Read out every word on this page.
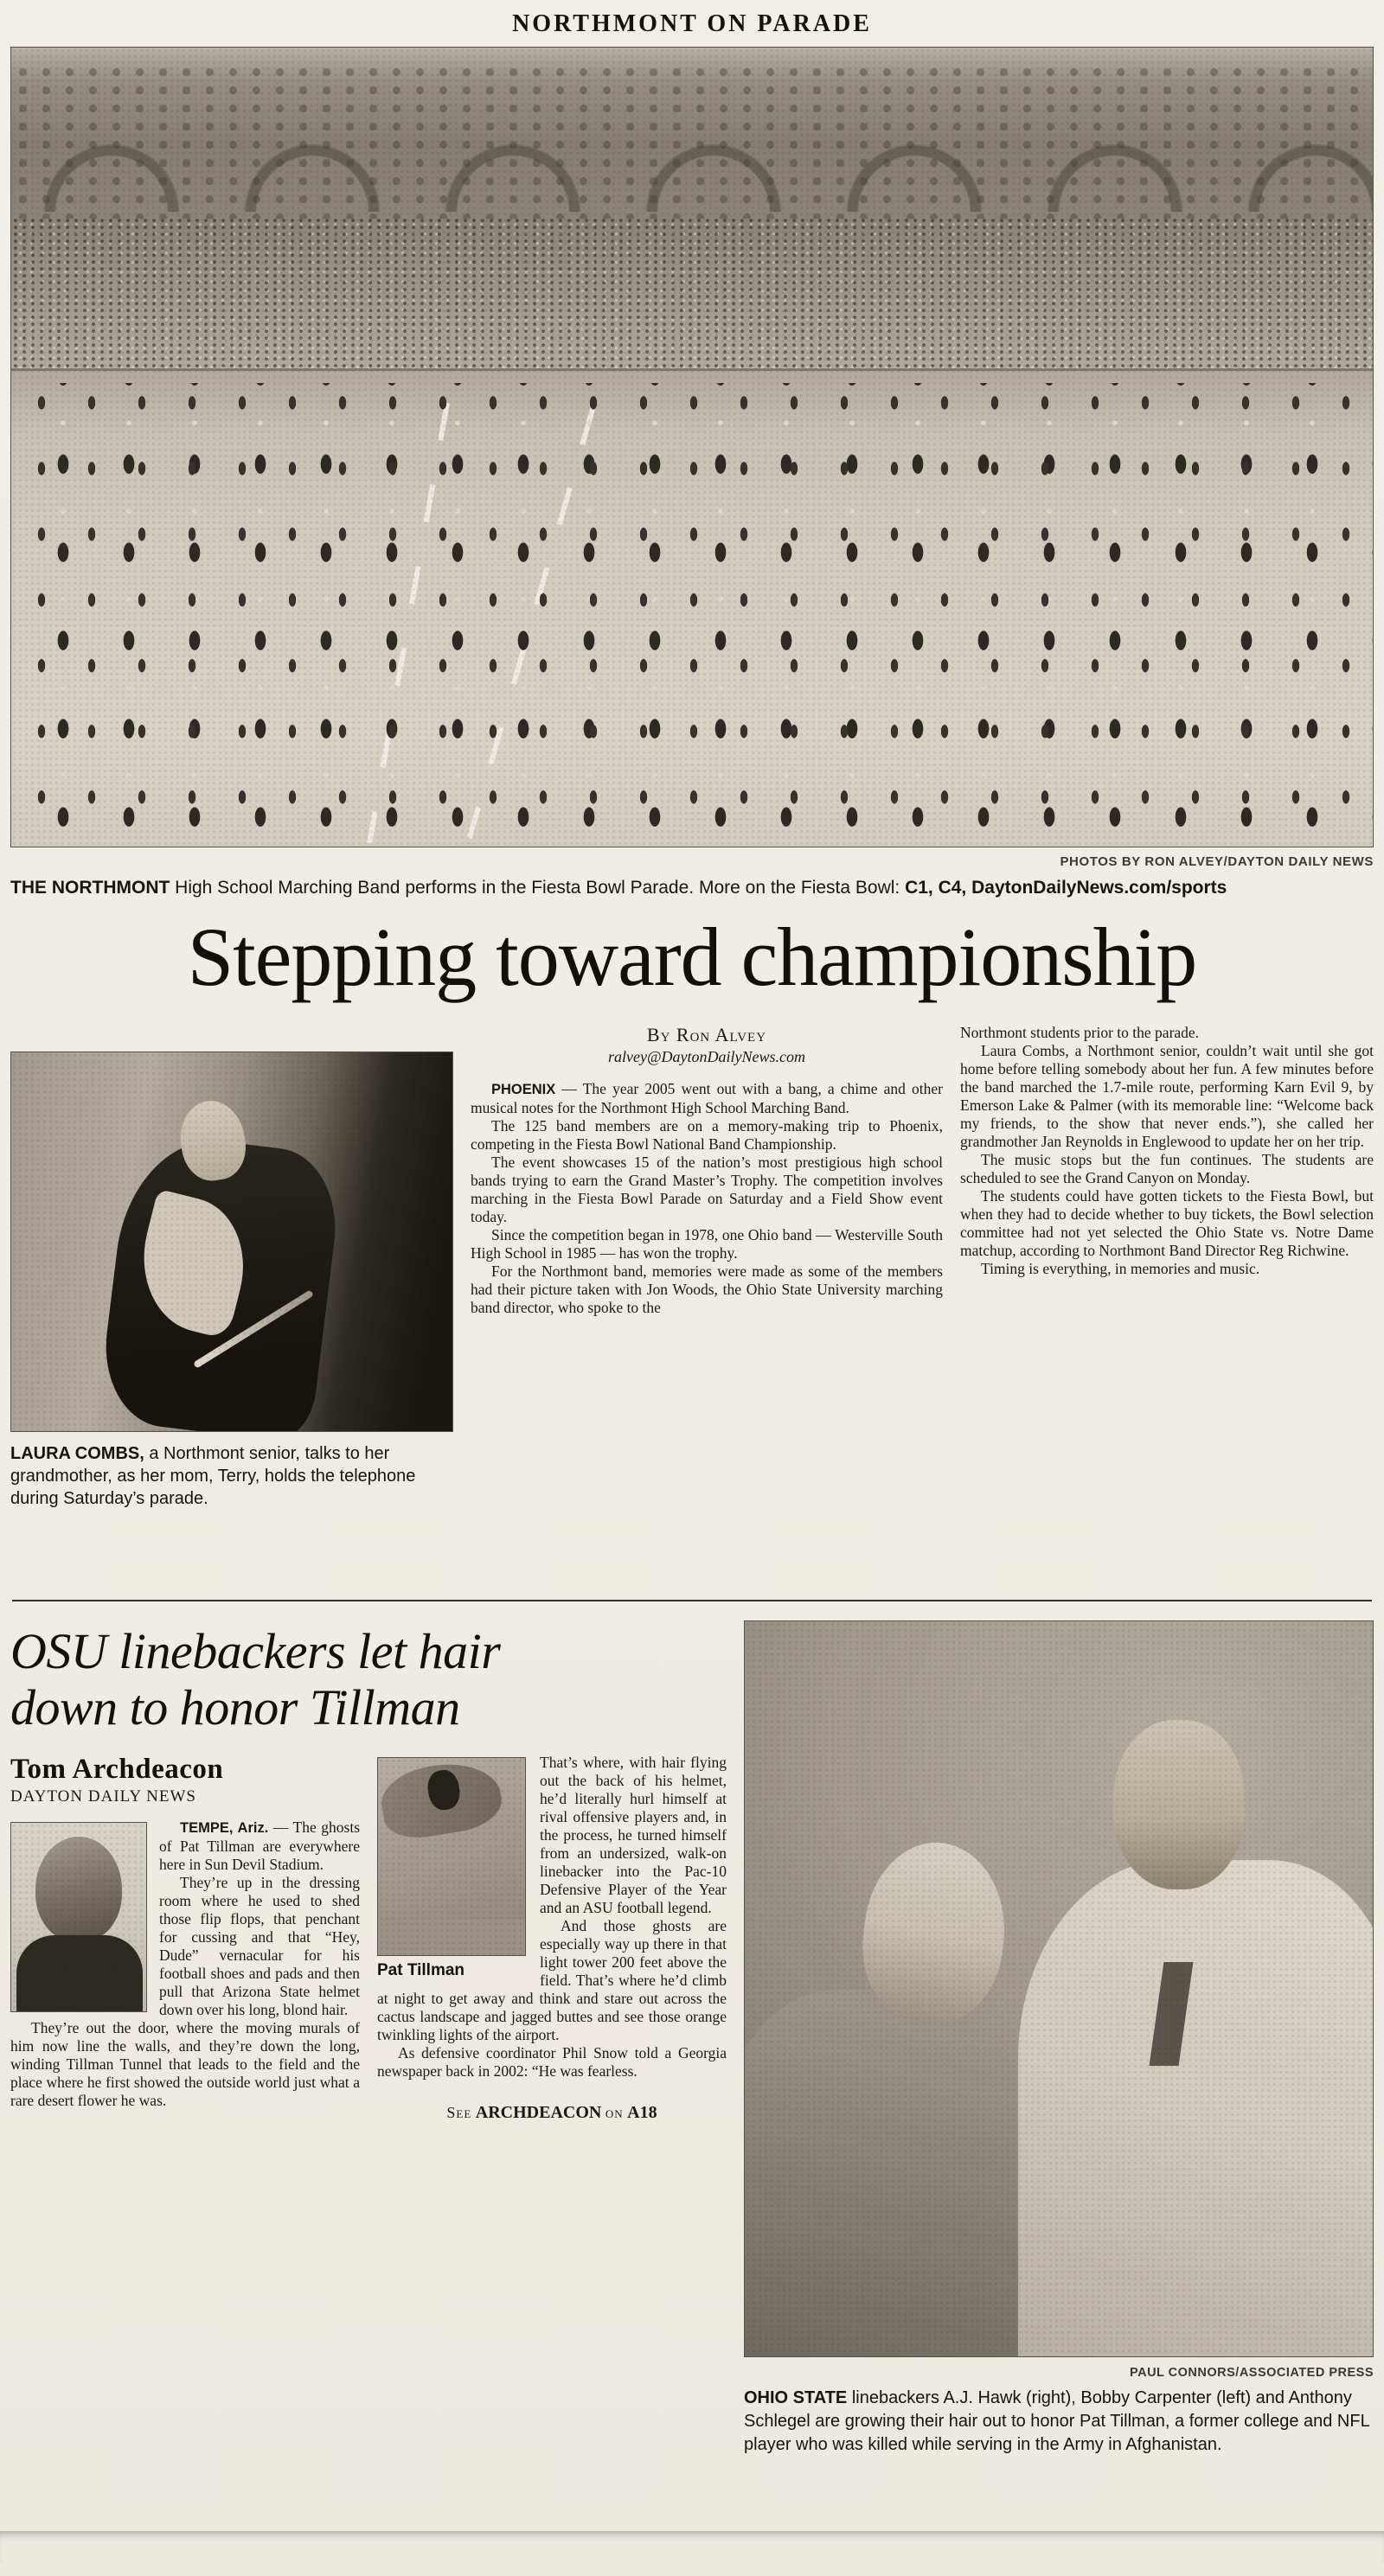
NORTHMONT ON PARADE
PHOTOS BY RON ALVEY/DAYTON DAILY NEWS
THE NORTHMONT High School Marching Band performs in the Fiesta Bowl Parade. More on the Fiesta Bowl: C1, C4, DaytonDailyNews.com/sports
Stepping toward championship
LAURA COMBS, a Northmont senior, talks to her grandmother, as her mom, Terry, holds the telephone during Saturday’s parade.
By Ron Alvey
ralvey@DaytonDailyNews.com

PHOENIX — The year 2005 went out with a bang, a chime and other musical notes for the Northmont High School Marching Band.

The 125 band members are on a memory-making trip to Phoenix, competing in the Fiesta Bowl National Band Championship.

The event showcases 15 of the nation’s most prestigious high school bands trying to earn the Grand Master’s Trophy. The competition involves marching in the Fiesta Bowl Parade on Saturday and a Field Show event today.

Since the competition began in 1978, one Ohio band — Westerville South High School in 1985 — has won the trophy.

For the Northmont band, memories were made as some of the members had their picture taken with Jon Woods, the Ohio State University marching band director, who spoke to the

Northmont students prior to the parade.

Laura Combs, a Northmont senior, couldn’t wait until she got home before telling somebody about her fun. A few minutes before the band marched the 1.7-mile route, performing Karn Evil 9, by Emerson Lake & Palmer (with its memorable line: “Welcome back my friends, to the show that never ends.”), she called her grandmother Jan Reynolds in Englewood to update her on her trip.

The music stops but the fun continues. The students are scheduled to see the Grand Canyon on Monday.

The students could have gotten tickets to the Fiesta Bowl, but when they had to decide whether to buy tickets, the Bowl selection committee had not yet selected the Ohio State vs. Notre Dame matchup, according to Northmont Band Director Reg Richwine.

Timing is everything, in memories and music.

OSU linebackers let hair
down to honor Tillman
Tom Archdeacon
DAYTON DAILY NEWS

TEMPE, Ariz. — The ghosts of Pat Tillman are everywhere here in Sun Devil Stadium.

They’re up in the dressing room where he used to shed those flip flops, that penchant for cussing and that “Hey, Dude” vernacular for his football shoes and pads and then pull that Arizona State helmet down over his long, blond hair.

They’re out the door, where the moving murals of him now line the walls, and they’re down the long, winding Tillman Tunnel that leads to the field and the place where he first showed the outside world just what a rare desert flower he was.

Pat Tillman

That’s where, with hair flying out the back of his helmet, he’d literally hurl himself at rival offensive players and, in the process, he turned himself from an undersized, walk-on linebacker into the Pac-10 Defensive Player of the Year and an ASU football legend.

And those ghosts are especially way up there in that light tower 200 feet above the field. That’s where he’d climb at night to get away and think and stare out across the cactus landscape and jagged buttes and see those orange twinkling lights of the airport.

As defensive coordinator Phil Snow told a Georgia newspaper back in 2002: “He was fearless.

See ARCHDEACON on A18
PAUL CONNORS/ASSOCIATED PRESS
OHIO STATE linebackers A.J. Hawk (right), Bobby Carpenter (left) and Anthony Schlegel are growing their hair out to honor Pat Tillman, a former college and NFL player who was killed while serving in the Army in Afghanistan.
